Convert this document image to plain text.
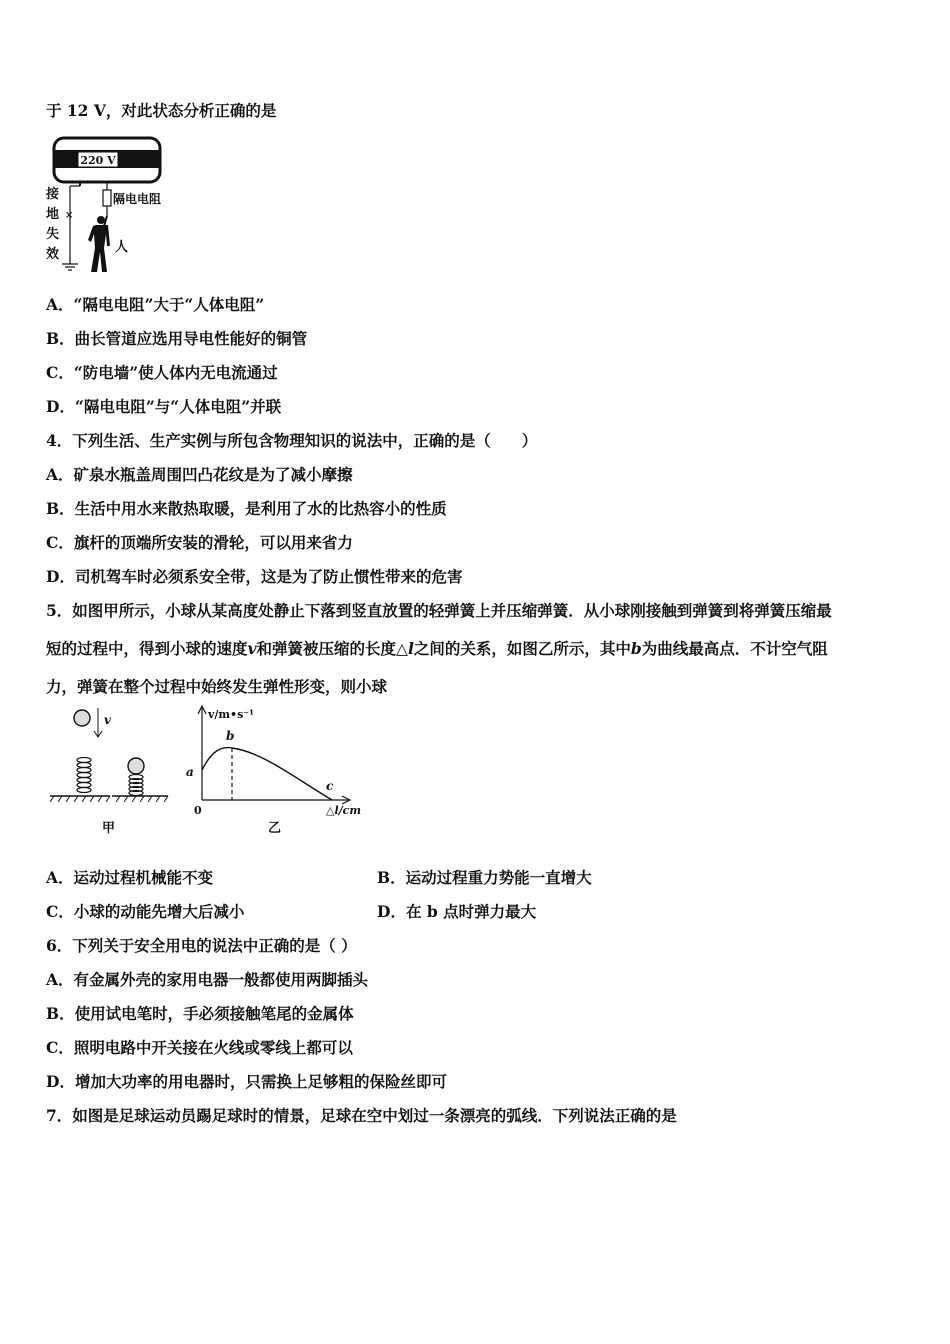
于 12 V，对此状态分析正确的是
220 V
×
接
地
失
效
隔电电阻
人
A．“隔电电阻”大于“人体电阻”
B．曲长管道应选用导电性能好的铜管
C．“防电墙”使人体内无电流通过
D．“隔电电阻”与“人体电阻”并联
4．下列生活、生产实例与所包含物理知识的说法中，正确的是（　　）
A．矿泉水瓶盖周围凹凸花纹是为了减小摩擦
B．生活中用水来散热取暖，是利用了水的比热容小的性质
C．旗杆的顶端所安装的滑轮，可以用来省力
D．司机驾车时必须系安全带，这是为了防止惯性带来的危害
5．如图甲所示，小球从某高度处静止下落到竖直放置的轻弹簧上并压缩弹簧．从小球刚接触到弹簧到将弹簧压缩最
短的过程中，得到小球的速度v和弹簧被压缩的长度△l之间的关系，如图乙所示，其中b为曲线最高点．不计空气阻
力，弹簧在整个过程中始终发生弹性形变，则小球
v
甲
v/m•s⁻¹
△l/cm
0
a
b
c
乙
A．运动过程机械能不变	B．运动过程重力势能一直增大
C．小球的动能先增大后减小	D．在 b 点时弹力最大
6．下列关于安全用电的说法中正确的是（ ）
A．有金属外壳的家用电器一般都使用两脚插头
B．使用试电笔时，手必须接触笔尾的金属体
C．照明电路中开关接在火线或零线上都可以
D．增加大功率的用电器时，只需换上足够粗的保险丝即可
7．如图是足球运动员踢足球时的情景，足球在空中划过一条漂亮的弧线．下列说法正确的是
